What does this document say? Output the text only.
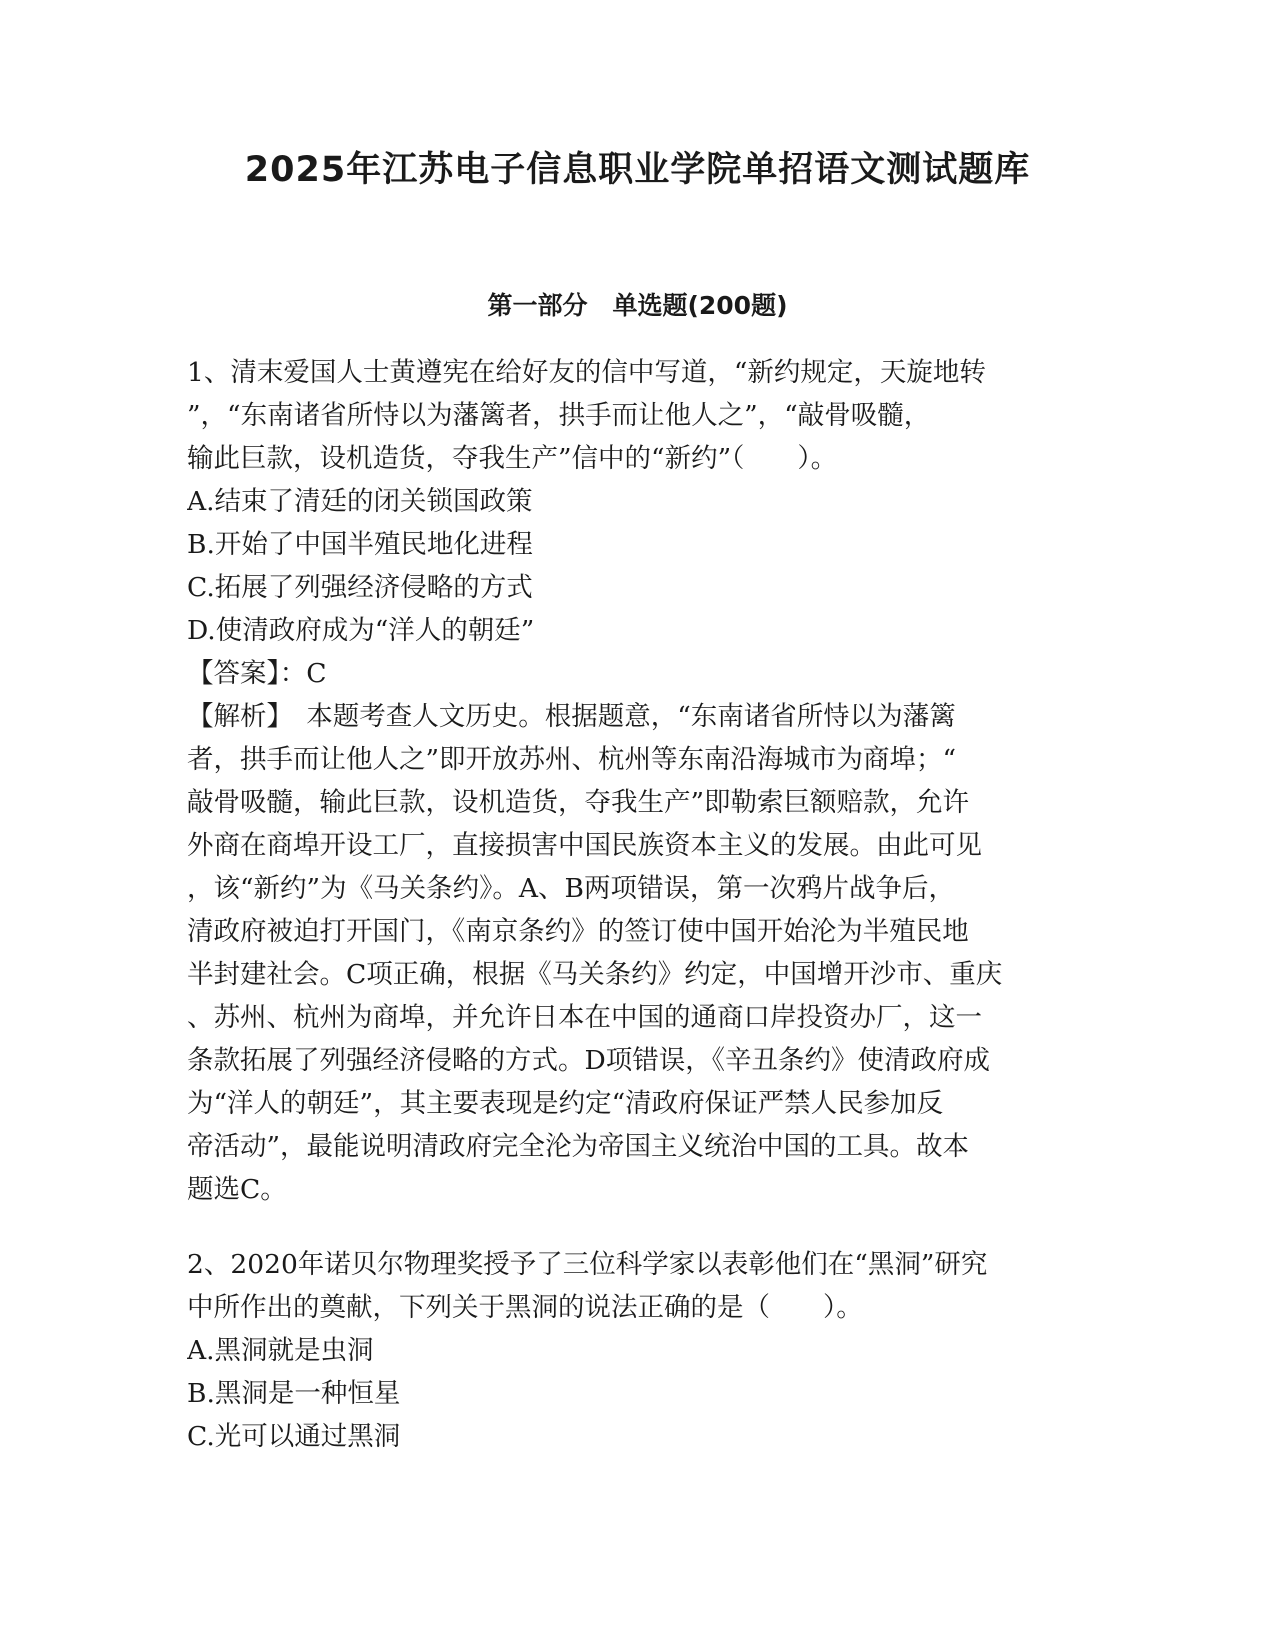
2025年江苏电子信息职业学院单招语文测试题库
第一部分　单选题(200题)
1、清末爱国人士黄遵宪在给好友的信中写道，“新约规定，天旋地转
”，“东南诸省所恃以为藩篱者，拱手而让他人之”，“敲骨吸髓，
输此巨款，设机造货，夺我生产”信中的“新约”（　　）。
A.结束了清廷的闭关锁国政策
B.开始了中国半殖民地化进程
C.拓展了列强经济侵略的方式
D.使清政府成为“洋人的朝廷”
【答案】：C
【解析】　本题考查人文历史。根据题意，“东南诸省所恃以为藩篱
者，拱手而让他人之”即开放苏州、杭州等东南沿海城市为商埠；“
敲骨吸髓，输此巨款，设机造货，夺我生产”即勒索巨额赔款，允许
外商在商埠开设工厂，直接损害中国民族资本主义的发展。由此可见
，该“新约”为《马关条约》。A、B两项错误，第一次鸦片战争后，
清政府被迫打开国门，《南京条约》的签订使中国开始沦为半殖民地
半封建社会。C项正确，根据《马关条约》约定，中国增开沙市、重庆
、苏州、杭州为商埠，并允许日本在中国的通商口岸投资办厂，这一
条款拓展了列强经济侵略的方式。D项错误，《辛丑条约》使清政府成
为“洋人的朝廷”，其主要表现是约定“清政府保证严禁人民参加反
帝活动”，最能说明清政府完全沦为帝国主义统治中国的工具。故本
题选C。
2、2020年诺贝尔物理奖授予了三位科学家以表彰他们在“黑洞”研究
中所作出的奠献，下列关于黑洞的说法正确的是（　　）。
A.黑洞就是虫洞
B.黑洞是一种恒星
C.光可以通过黑洞
